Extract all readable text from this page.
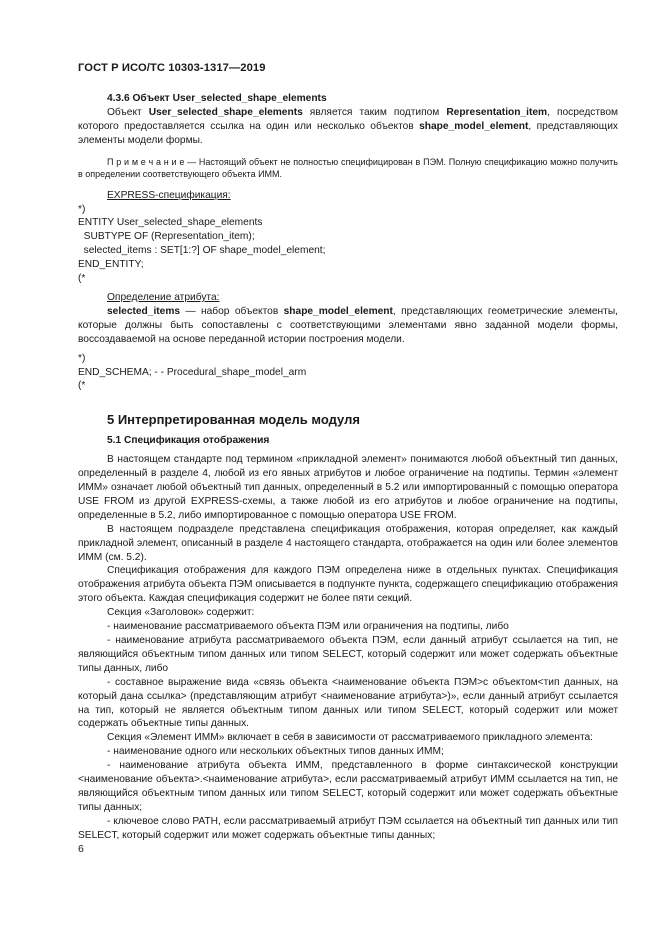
ГОСТ Р ИСО/ТС 10303-1317—2019
4.3.6 Объект User_selected_shape_elements

Объект User_selected_shape_elements является таким подтипом Representation_item, посредством которого предоставляется ссылка на один или несколько объектов shape_model_element, представляющих элементы модели формы.

П р и м е ч а н и е — Настоящий объект не полностью специфицирован в ПЭМ. Полную спецификацию можно получить в определении соответствующего объекта ИММ.

EXPRESS-спецификация:

*)
ENTITY User_selected_shape_elements
SUBTYPE OF (Representation_item);
selected_items : SET[1:?] OF shape_model_element;
END_ENTITY;
(*

Определение атрибута:

selected_items — набор объектов shape_model_element, представляющих геометрические элементы, которые должны быть сопоставлены с соответствующими элементами явно заданной модели формы, воссоздаваемой на основе переданной истории построения модели.

*)
END_SCHEMA; - - Procedural_shape_model_arm
(*
5 Интерпретированная модель модуля
5.1 Спецификация отображения

В настоящем стандарте под термином «прикладной элемент» понимаются любой объектный тип данных, определенный в разделе 4, любой из его явных атрибутов и любое ограничение на подтипы. Термин «элемент ИММ» означает любой объектный тип данных, определенный в 5.2 или импортированный с помощью оператора USE FROM из другой EXPRESS-схемы, а также любой из его атрибутов и любое ограничение на подтипы, определенные в 5.2, либо импортированное с помощью оператора USE FROM.

В настоящем подразделе представлена спецификация отображения, которая определяет, как каждый прикладной элемент, описанный в разделе 4 настоящего стандарта, отображается на один или более элементов ИММ (см. 5.2).

Спецификация отображения для каждого ПЭМ определена ниже в отдельных пунктах. Спецификация отображения атрибута объекта ПЭМ описывается в подпункте пункта, содержащего спецификацию отображения этого объекта. Каждая спецификация содержит не более пяти секций.

Секция «Заголовок» содержит:

- наименование рассматриваемого объекта ПЭМ или ограничения на подтипы, либо

- наименование атрибута рассматриваемого объекта ПЭМ, если данный атрибут ссылается на тип, не являющийся объектным типом данных или типом SELECT, который содержит или может содержать объектные типы данных, либо

- составное выражение вида «связь объекта <наименование объекта ПЭМ>с объектом<тип данных, на который дана ссылка> (представляющим атрибут <наименование атрибута>)», если данный атрибут ссылается на тип, который не является объектным типом данных или типом SELECT, который содержит или может содержать объектные типы данных.

Секция «Элемент ИММ» включает в себя в зависимости от рассматриваемого прикладного элемента:

- наименование одного или нескольких объектных типов данных ИММ;

- наименование атрибута объекта ИММ, представленного в форме синтаксической конструкции <наименование объекта>.<наименование атрибута>, если рассматриваемый атрибут ИММ ссылается на тип, не являющийся объектным типом данных или типом SELECT, который содержит или может содержать объектные типы данных;

- ключевое слово PATH, если рассматриваемый атрибут ПЭМ ссылается на объектный тип данных или тип SELECT, который содержит или может содержать объектные типы данных;

6
